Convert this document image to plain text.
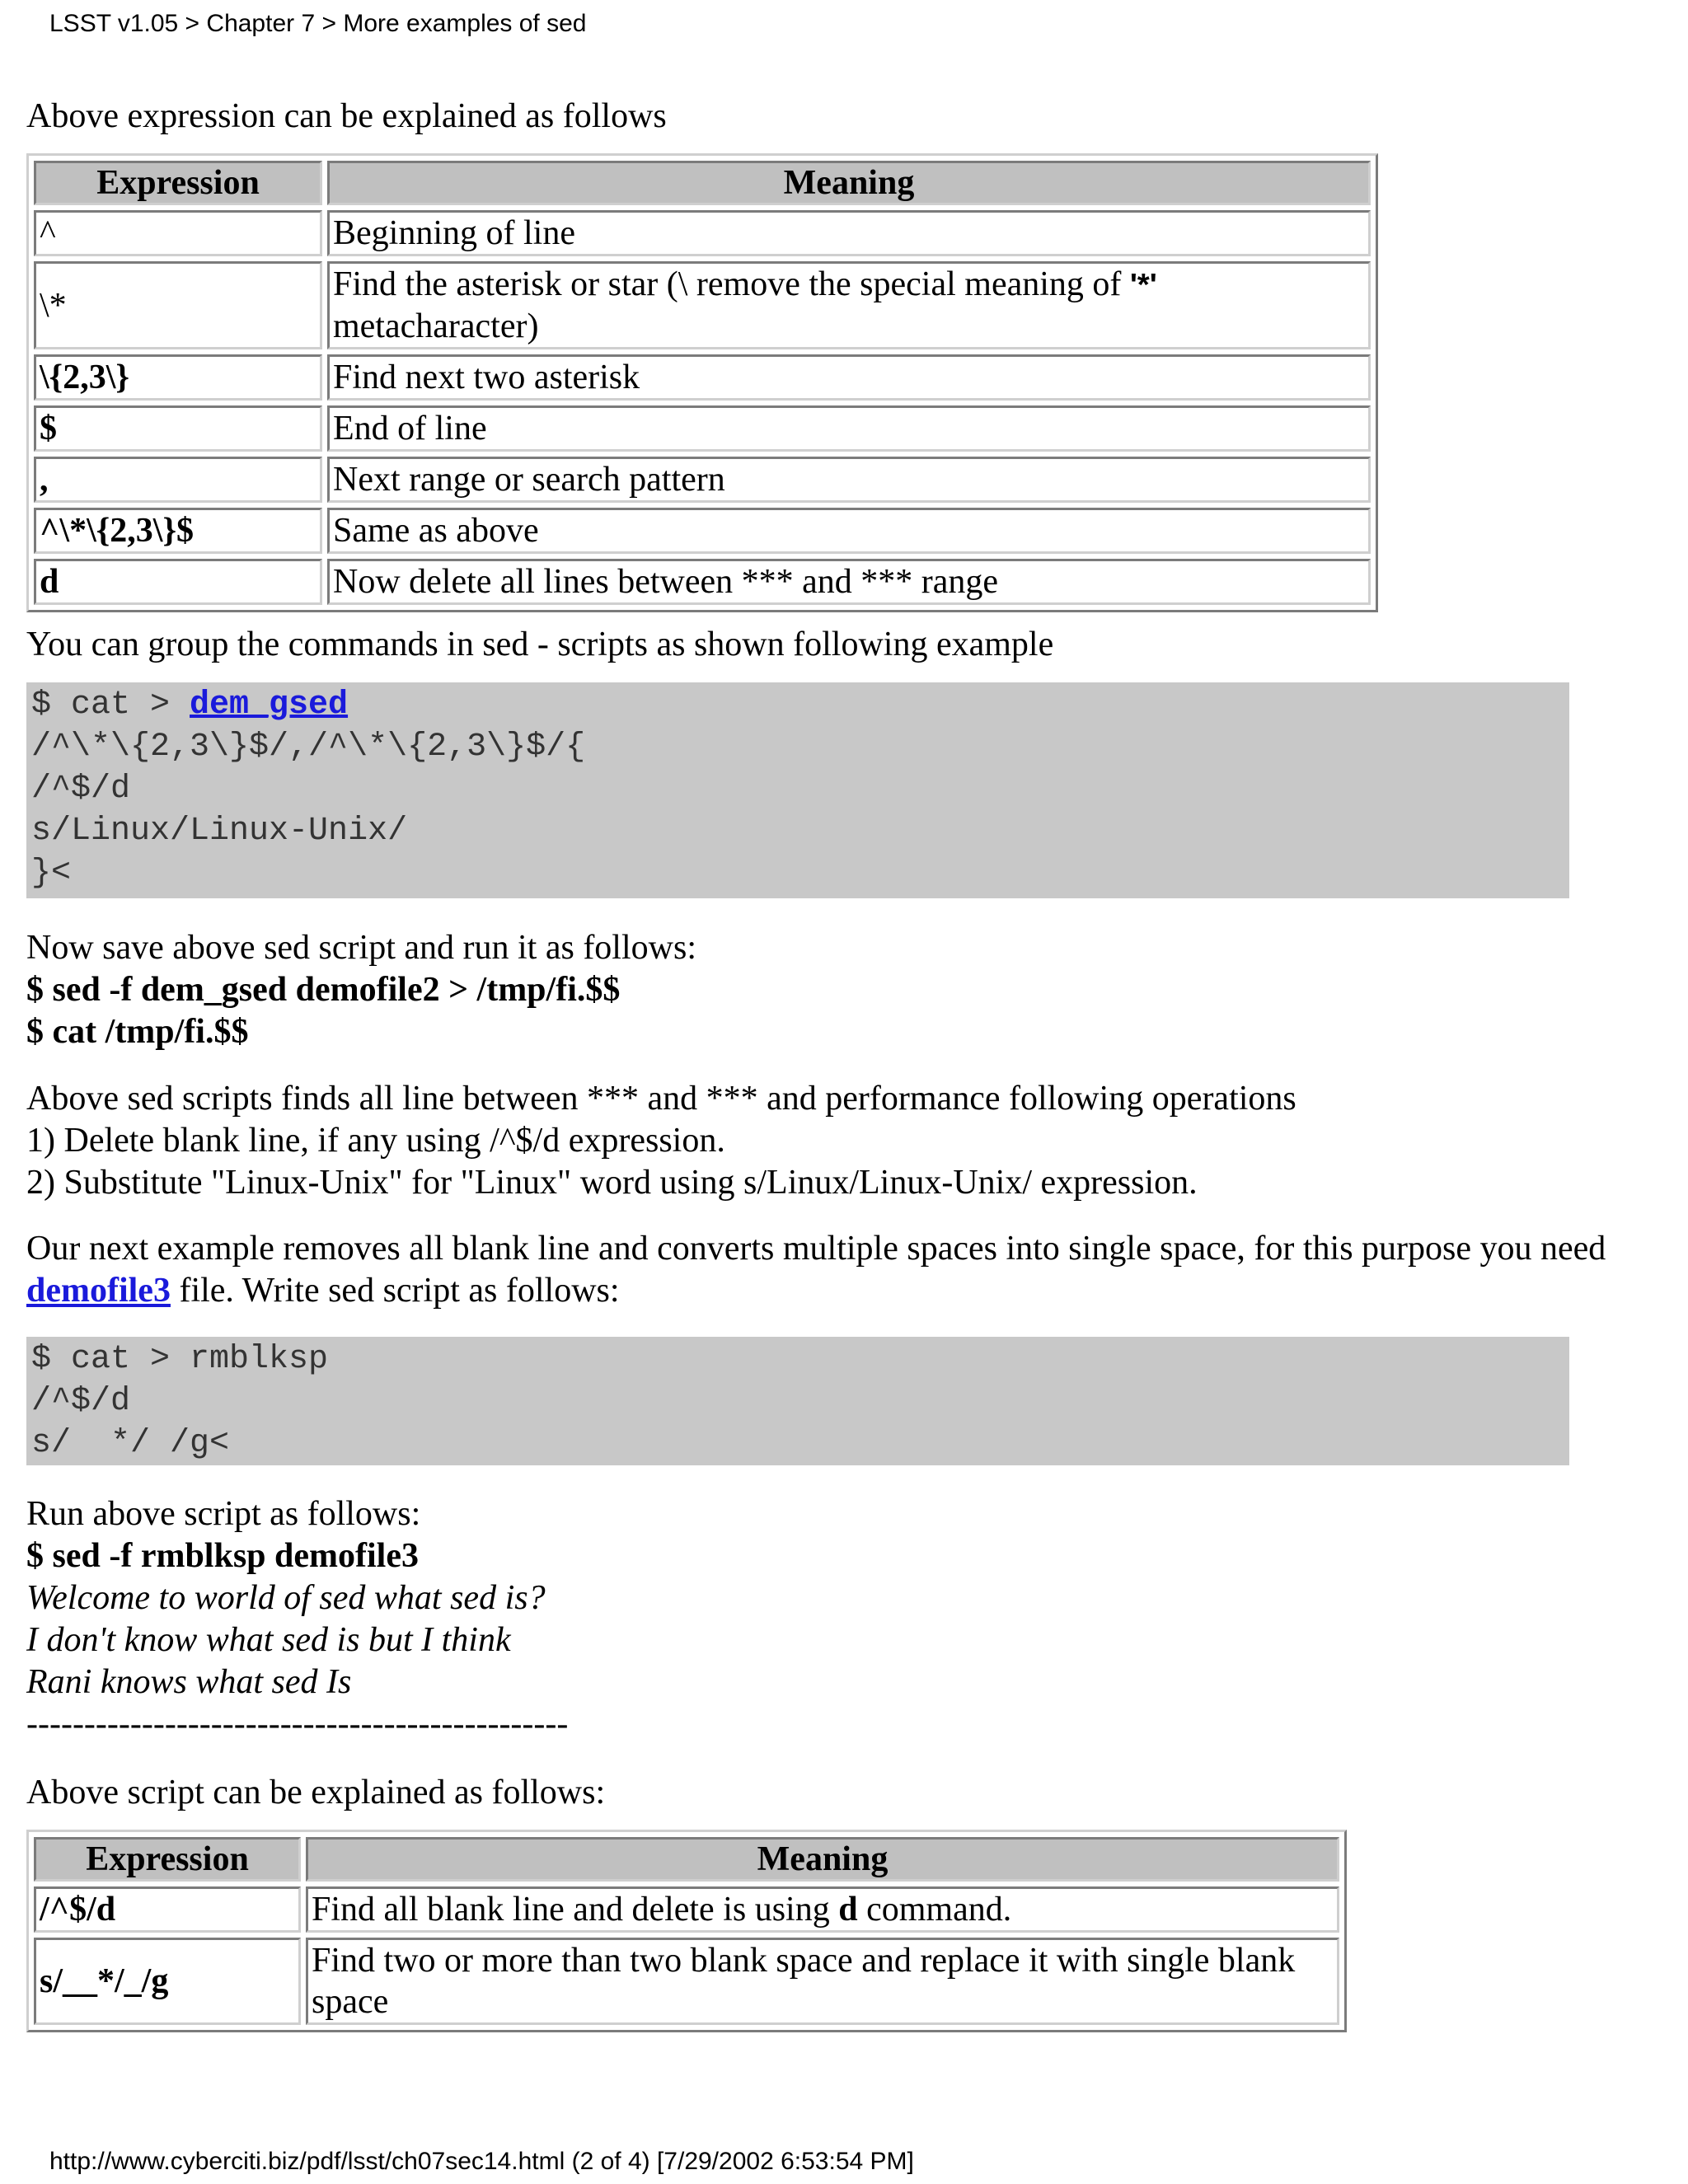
LSST v1.05 > Chapter 7 > More examples of sed

Above expression can be explained as follows

Expression	Meaning
^	Beginning of line
\*	Find the asterisk or star (\ remove the special meaning of '*' metacharacter)
\{2,3\}	Find next two asterisk
$	End of line
,	Next range or search pattern
^\*\{2,3\}$	Same as above
d	Now delete all lines between *** and *** range

You can group the commands in sed - scripts as shown following example

$ cat > dem_gsed
/^\*\{2,3\}$/,/^\*\{2,3\}$/{
/^$/d
s/Linux/Linux-Unix/
}<

Now save above sed script and run it as follows:

$ sed -f dem_gsed demofile2 > /tmp/fi.$$

$ cat /tmp/fi.$$

Above sed scripts finds all line between *** and *** and performance following operations

1) Delete blank line, if any using /^$/d expression.

2) Substitute "Linux-Unix" for "Linux" word using s/Linux/Linux-Unix/ expression.

Our next example removes all blank line and converts multiple spaces into single space, for this purpose you need demofile3 file. Write sed script as follows:

$ cat > rmblksp
/^$/d
s/  */ /g<

Run above script as follows:

$ sed -f rmblksp demofile3

Welcome to world of sed what sed is?

I don't know what sed is but I think

Rani knows what sed Is

-----------------------------------------------

Above script can be explained as follows:

Expression	Meaning
/^$/d	Find all blank line and delete is using d command.
s/__*/_/g	Find two or more than two blank space and replace it with single blank space
http://www.cyberciti.biz/pdf/lsst/ch07sec14.html (2 of 4) [7/29/2002 6:53:54 PM]
